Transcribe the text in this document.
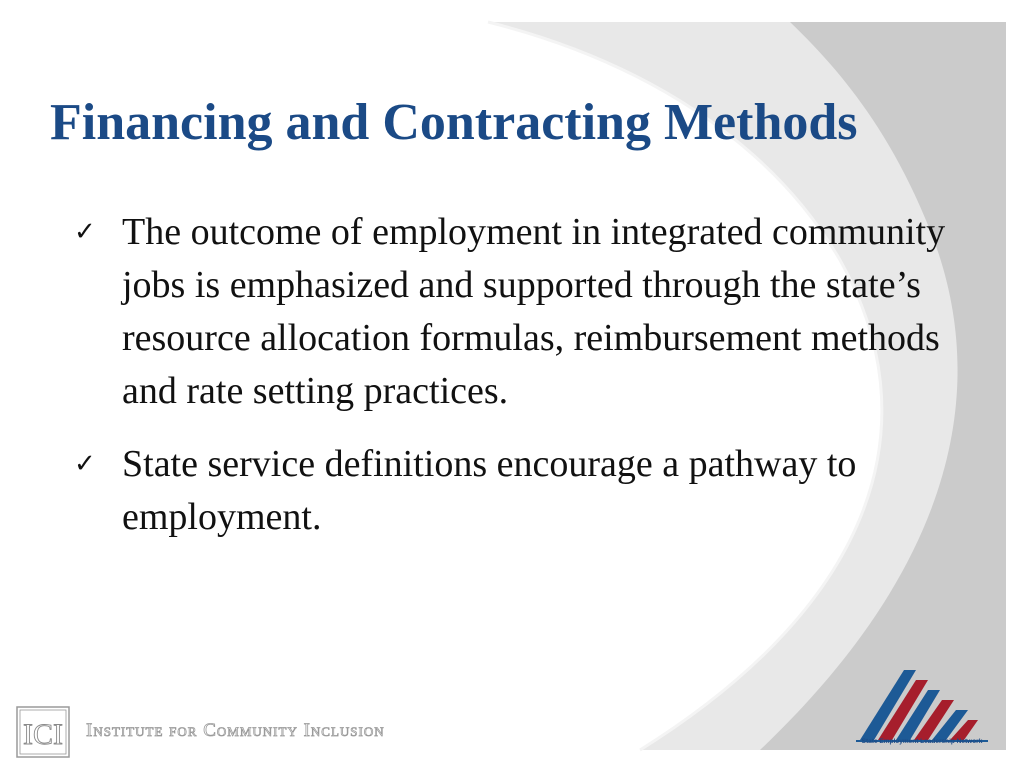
Financing and Contracting Methods
✓ The outcome of employment in integrated community jobs is emphasized and supported through the state’s resource allocation formulas, reimbursement methods and rate setting practices.
✓ State service definitions encourage a pathway to employment.
ICI Institute for Community Inclusion
State Employment Leadership Network
